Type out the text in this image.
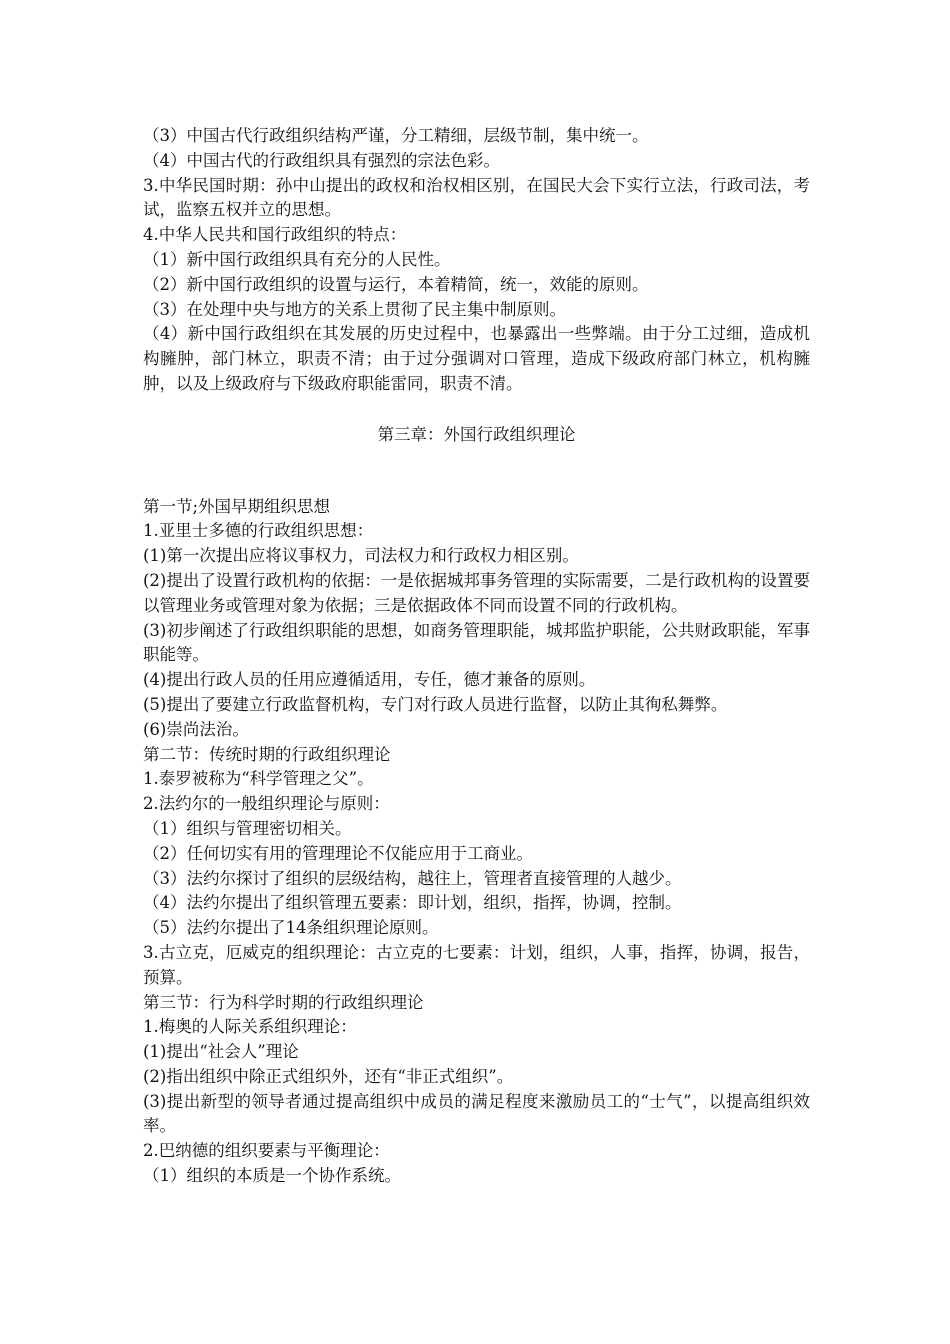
（3）中国古代行政组织结构严谨，分工精细，层级节制，集中统一。

（4）中国古代的行政组织具有强烈的宗法色彩。

3.中华民国时期：孙中山提出的政权和治权相区别，在国民大会下实行立法，行政司法，考试，监察五权并立的思想。

4.中华人民共和国行政组织的特点：

（1）新中国行政组织具有充分的人民性。

（2）新中国行政组织的设置与运行，本着精简，统一，效能的原则。

（3）在处理中央与地方的关系上贯彻了民主集中制原则。

（4）新中国行政组织在其发展的历史过程中，也暴露出一些弊端。由于分工过细，造成机构臃肿，部门林立，职责不清；由于过分强调对口管理，造成下级政府部门林立，机构臃肿，以及上级政府与下级政府职能雷同，职责不清。

第三章：外国行政组织理论

第一节;外国早期组织思想

1.亚里士多德的行政组织思想：

(1)第一次提出应将议事权力，司法权力和行政权力相区别。

(2)提出了设置行政机构的依据：一是依据城邦事务管理的实际需要，二是行政机构的设置要以管理业务或管理对象为依据；三是依据政体不同而设置不同的行政机构。

(3)初步阐述了行政组织职能的思想，如商务管理职能，城邦监护职能，公共财政职能，军事职能等。

(4)提出行政人员的任用应遵循适用，专任，德才兼备的原则。

(5)提出了要建立行政监督机构，专门对行政人员进行监督，以防止其徇私舞弊。

(6)崇尚法治。

第二节：传统时期的行政组织理论

1.泰罗被称为“科学管理之父”。

2.法约尔的一般组织理论与原则：

（1）组织与管理密切相关。

（2）任何切实有用的管理理论不仅能应用于工商业。

（3）法约尔探讨了组织的层级结构，越往上，管理者直接管理的人越少。

（4）法约尔提出了组织管理五要素：即计划，组织，指挥，协调，控制。

（5）法约尔提出了14条组织理论原则。

3.古立克，厄威克的组织理论：古立克的七要素：计划，组织，人事，指挥，协调，报告，预算。

第三节：行为科学时期的行政组织理论

1.梅奥的人际关系组织理论：

(1)提出“社会人”理论

(2)指出组织中除正式组织外，还有“非正式组织”。

(3)提出新型的领导者通过提高组织中成员的满足程度来激励员工的“士气”，以提高组织效率。

2.巴纳德的组织要素与平衡理论：

（1）组织的本质是一个协作系统。
